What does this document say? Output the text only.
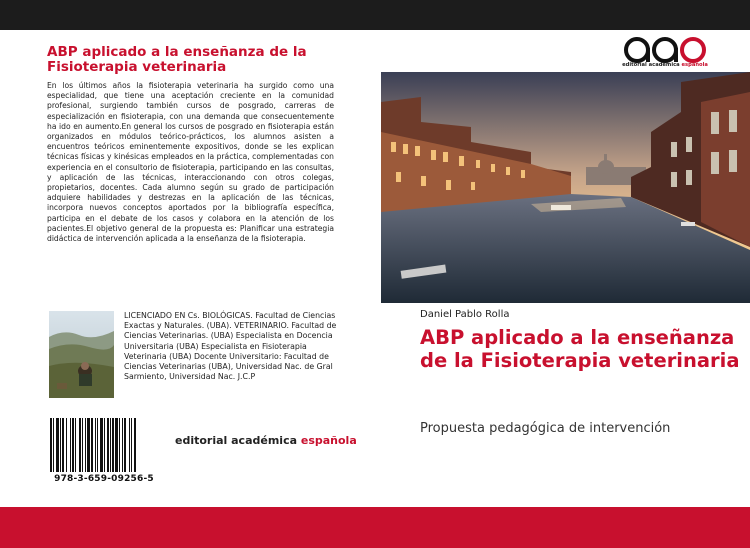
ABP aplicado a la enseñanza de la Fisioterapia veterinaria

En los últimos años la fisioterapia veterinaria ha surgido como una especialidad, que tiene una aceptación creciente en la comunidad profesional, surgiendo también cursos de posgrado, carreras de especialización en fisioterapia, con una demanda que consecuentemente ha ido en aumento.En general los cursos de posgrado en fisioterapia están organizados en módulos teórico-prácticos, los alumnos asisten a encuentros teóricos eminentemente expositivos, donde se les explican técnicas físicas y kinésicas empleados en la práctica, complementadas con experiencia en el consultorio de fisioterapia, participando en las consultas, y aplicación de las técnicas, interaccionando con otros colegas, propietarios, docentes. Cada alumno según su grado de participación adquiere habilidades y destrezas en la aplicación de las técnicas, incorpora nuevos conceptos aportados por la bibliografía específica, participa en el debate de los casos y colabora en la atención de los pacientes.El objetivo general de la propuesta es: Planificar una estrategia didáctica de intervención aplicada a la enseñanza de la fisioterapia.

LICENCIADO EN Cs. BIOLÓGICAS. Facultad de Ciencias Exactas y Naturales. (UBA). VETERINARIO. Facultad de Ciencias Veterinarias. (UBA) Especialista en Docencia Universitaria (UBA) Especialista en Fisioterapia Veterinaria (UBA) Docente Universitario: Facultad de Ciencias Veterinarias (UBA), Universidad Nac. de Gral Sarmiento, Universidad Nac. J.C.P

978-3-659-09256-5
editorial académica española
editorial académica española
Daniel Pablo Rolla
ABP aplicado a la enseñanza de la Fisioterapia veterinaria
Propuesta pedagógica de intervención
